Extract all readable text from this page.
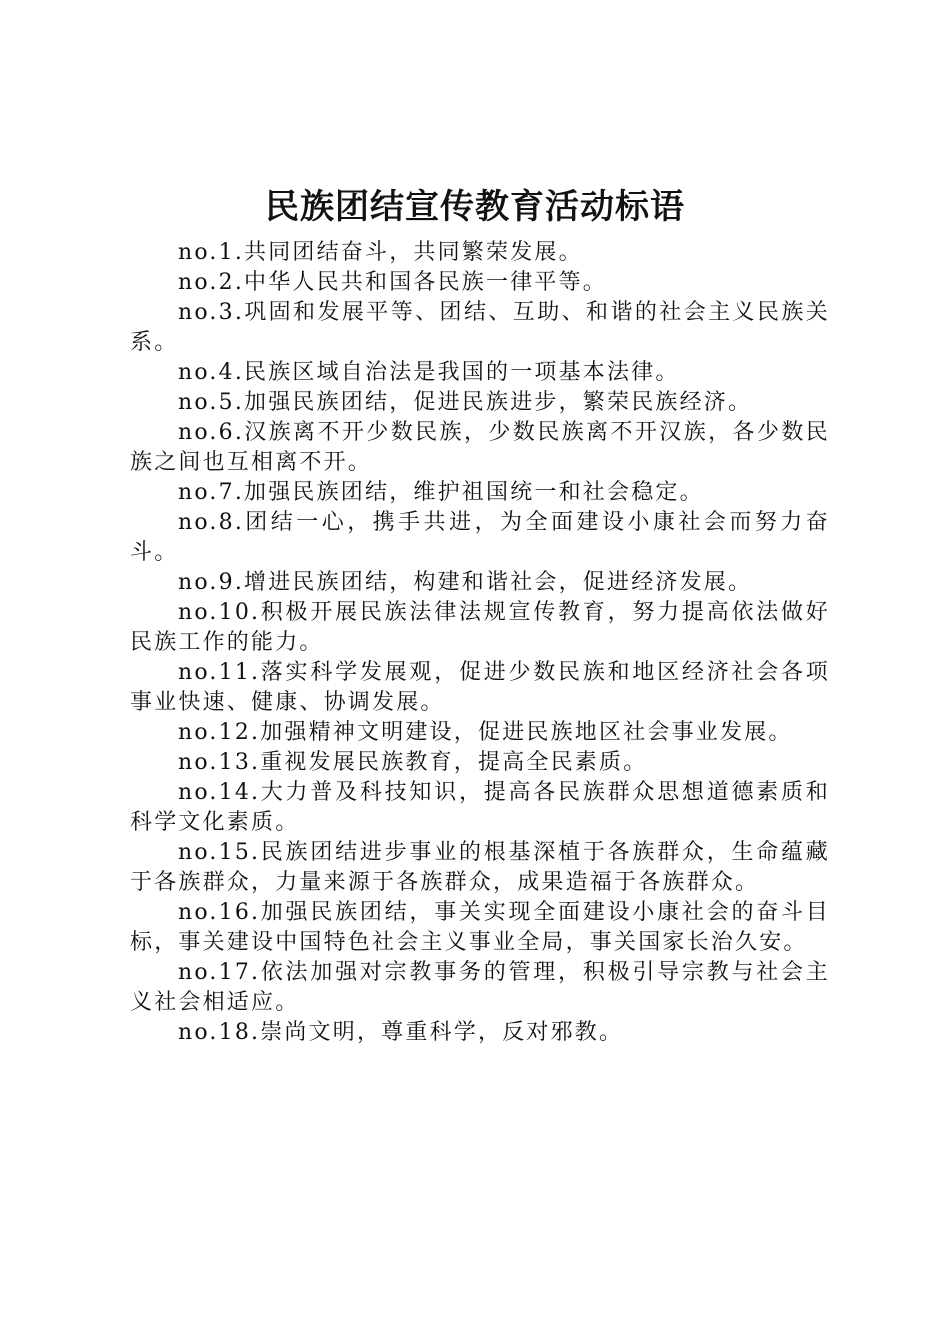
民族团结宣传教育活动标语

no.1.共同团结奋斗，共同繁荣发展。

no.2.中华人民共和国各民族一律平等。

no.3.巩固和发展平等、团结、互助、和谐的社会主义民族关系。

no.4.民族区域自治法是我国的一项基本法律。

no.5.加强民族团结，促进民族进步，繁荣民族经济。

no.6.汉族离不开少数民族，少数民族离不开汉族，各少数民族之间也互相离不开。

no.7.加强民族团结，维护祖国统一和社会稳定。

no.8.团结一心，携手共进，为全面建设小康社会而努力奋斗。

no.9.增进民族团结，构建和谐社会，促进经济发展。

no.10.积极开展民族法律法规宣传教育，努力提高依法做好民族工作的能力。

no.11.落实科学发展观，促进少数民族和地区经济社会各项事业快速、健康、协调发展。

no.12.加强精神文明建设，促进民族地区社会事业发展。

no.13.重视发展民族教育，提高全民素质。

no.14.大力普及科技知识，提高各民族群众思想道德素质和科学文化素质。

no.15.民族团结进步事业的根基深植于各族群众，生命蕴藏于各族群众，力量来源于各族群众，成果造福于各族群众。

no.16.加强民族团结，事关实现全面建设小康社会的奋斗目标，事关建设中国特色社会主义事业全局，事关国家长治久安。

no.17.依法加强对宗教事务的管理，积极引导宗教与社会主义社会相适应。

no.18.崇尚文明，尊重科学，反对邪教。
